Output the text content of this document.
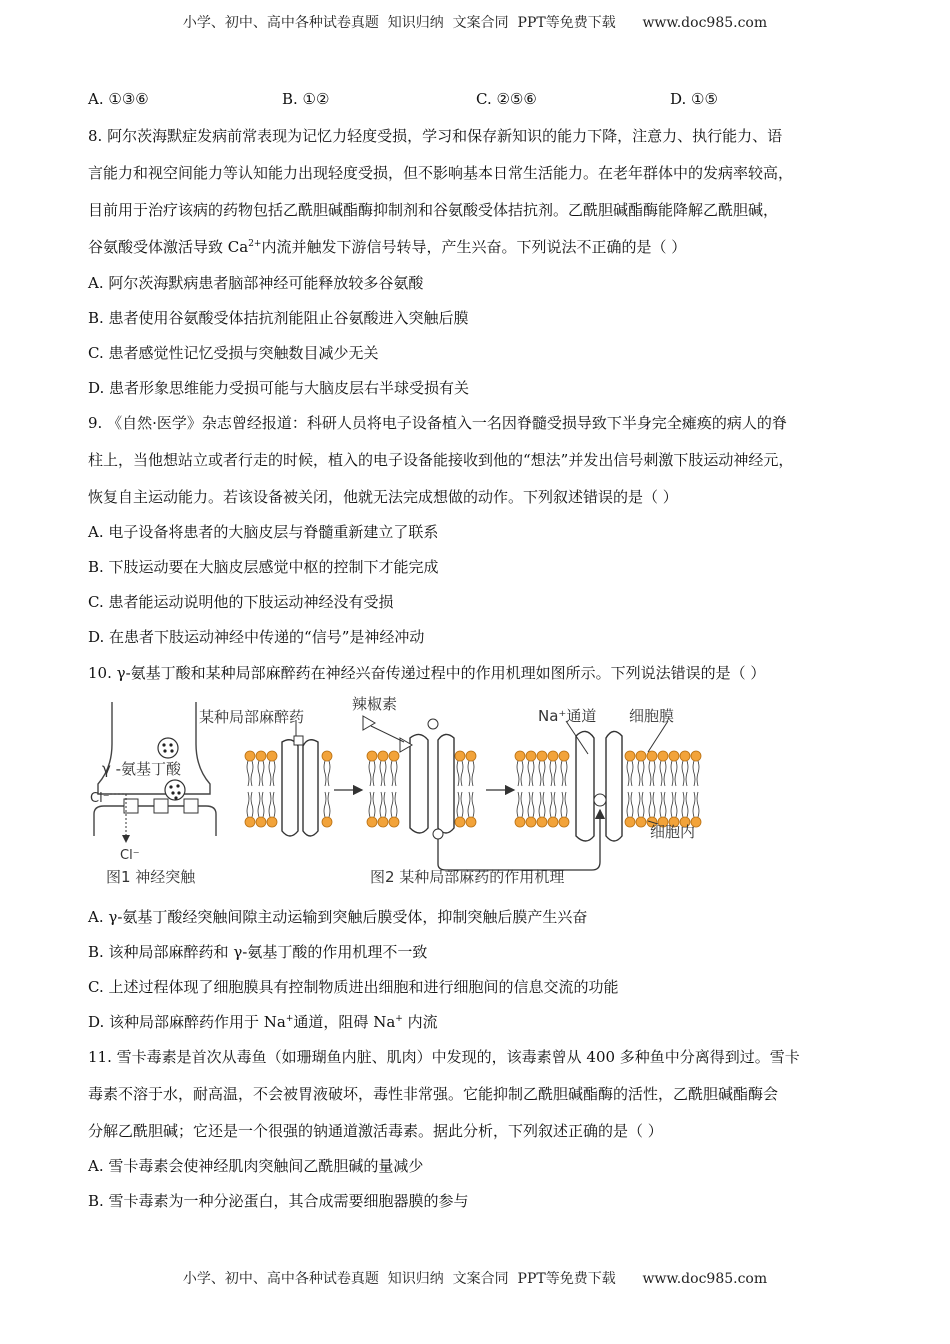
小学、初中、高中各种试卷真题  知识归纳  文案合同  PPT等免费下载      www.doc985.com
A. ①③⑥	B. ①②	C. ②⑤⑥	D. ①⑤
8. 阿尔茨海默症发病前常表现为记忆力轻度受损，学习和保存新知识的能力下降，注意力、执行能力、语
言能力和视空间能力等认知能力出现轻度受损，但不影响基本日常生活能力。在老年群体中的发病率较高，
目前用于治疗该病的药物包括乙酰胆碱酯酶抑制剂和谷氨酸受体拮抗剂。乙酰胆碱酯酶能降解乙酰胆碱，
谷氨酸受体激活导致 $Ca^{2+}$内流并触发下游信号转导，产生兴奋。下列说法不正确的是（ ）
A. 阿尔茨海默病患者脑部神经可能释放较多谷氨酸
B. 患者使用谷氨酸受体拮抗剂能阻止谷氨酸进入突触后膜
C. 患者感觉性记忆受损与突触数目减少无关
D. 患者形象思维能力受损可能与大脑皮层右半球受损有关
9. 《自然·医学》杂志曾经报道：科研人员将电子设备植入一名因脊髓受损导致下半身完全瘫痪的病人的脊
柱上，当他想站立或者行走的时候，植入的电子设备能接收到他的“想法”并发出信号刺激下肢运动神经元，
恢复自主运动能力。若该设备被关闭，他就无法完成想做的动作。下列叙述错误的是（ ）
A. 电子设备将患者的大脑皮层与脊髓重新建立了联系
B. 下肢运动要在大脑皮层感觉中枢的控制下才能完成
C. 患者能运动说明他的下肢运动神经没有受损
D. 在患者下肢运动神经中传递的“信号”是神经冲动
10. γ-氨基丁酸和某种局部麻醉药在神经兴奋传递过程中的作用机理如图所示。下列说法错误的是（ ）
A. γ-氨基丁酸经突触间隙主动运输到突触后膜受体，抑制突触后膜产生兴奋
B. 该种局部麻醉药和 γ-氨基丁酸的作用机理不一致
C. 上述过程体现了细胞膜具有控制物质进出细胞和进行细胞间的信息交流的功能
D. 该种局部麻醉药作用于 Na+通道，阻碍 Na+ 内流
11. 雪卡毒素是首次从毒鱼（如珊瑚鱼内脏、肌肉）中发现的，该毒素曾从 400 多种鱼中分离得到过。雪卡
毒素不溶于水，耐高温，不会被胃液破坏，毒性非常强。它能抑制乙酰胆碱酯酶的活性，乙酰胆碱酯酶会
分解乙酰胆碱；它还是一个很强的钠通道激活毒素。据此分析，下列叙述正确的是（ ）
A. 雪卡毒素会使神经肌肉突触间乙酰胆碱的量减少
B. 雪卡毒素为一种分泌蛋白，其合成需要细胞器膜的参与
γ -氨基丁酸
Cl⁻
Cl⁻
图1 神经突触
某种局部麻醉药
辣椒素
Na⁺通道 细胞膜
细胞内
图2 某种局部麻药的作用机理
小学、初中、高中各种试卷真题  知识归纳  文案合同  PPT等免费下载      www.doc985.com
